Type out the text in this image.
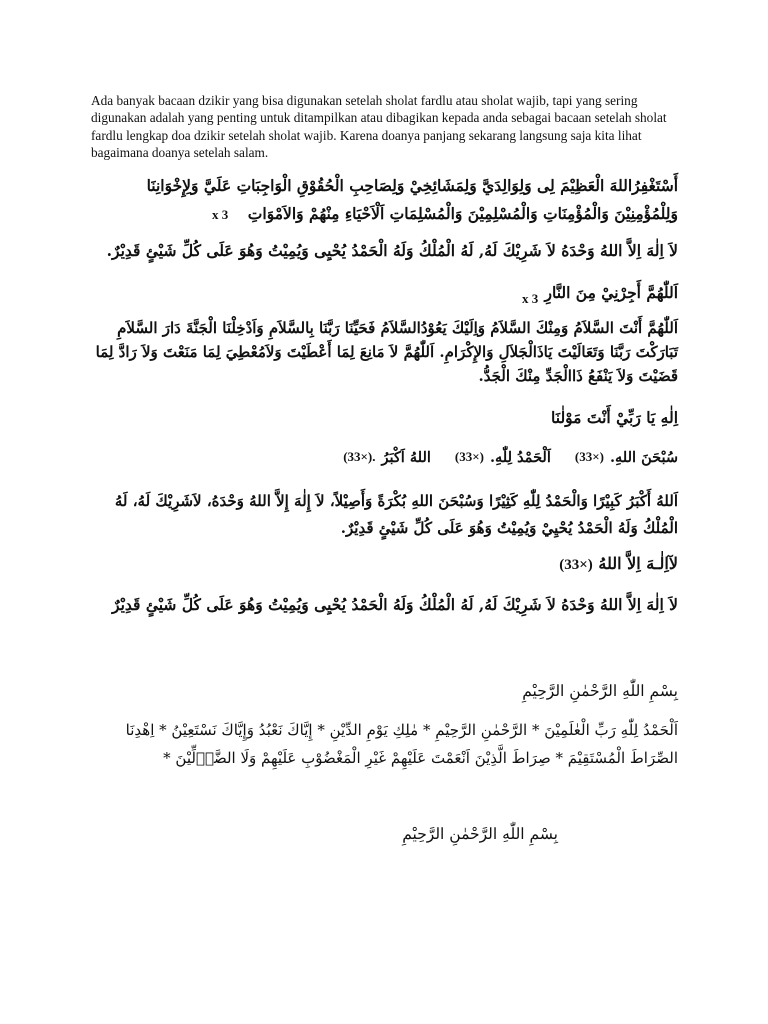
Ada banyak bacaan dzikir yang bisa digunakan setelah sholat fardlu atau sholat wajib, tapi yang sering digunakan adalah yang penting untuk ditampilkan atau dibagikan kepada anda sebagai bacaan setelah sholat fardlu lengkap doa dzikir setelah sholat wajib. Karena doanya panjang sekarang langsung saja kita lihat bagaimana doanya setelah salam.

أَسْتَغْفِرُاللهَ الْعَظِيْمَ لِى وَلِوَالِدَيَّ وَلِمَشَائِخِيْ وَلِصَاحِبِ الْحُقُوْقِ الْوَاجِبَاتِ عَلَيَّ وَلِإِخْوَانِنَا
وَلِلْمُؤْمِنِيْنَ وَالْمُؤْمِنَاتِ وَالْمُسْلِمِيْنَ وَالْمُسْلِمَاتِ اَلْاَحْيَاءِ مِنْهُمْ وَالاَمْوَاتِ
x 3
لاَ اِلٰهَ اِلاَّ اللهُ وَحْدَهُ لاَ شَرِيْكَ لَهُ, لَهُ الْمُلْكُ وَلَهُ الْحَمْدُ يُحْيِى وَيُمِيْتُ وَهُوَ عَلَى كُلِّ شَيْئٍ قَدِيْرٌ.
اَللّٰهُمَّ أَجِرْنِيْ مِنَ النَّارِ
x 3
اَللّٰهُمَّ أَنْتَ السَّلاَمُ وَمِنْكَ السَّلاَمُ وَاِلَيْكَ يَعُوْدُالسَّلاَمُ فَحَيِّنَا رَبَّنَا بِالسَّلاَمِ وَاَدْخِلْنَا الْجَنَّةَ دَارَ السَّلاَمِ تَبَارَكْتَ رَبَّنَا وَتَعَالَيْتَ يَاذَالْجَلاَلِ وَالإِكْرَامِ. اَللّٰهُمَّ لاَ مَانِعَ لِمَا أَعْطَيْتَ وَلاَمُعْطِيَ لِمَا مَنَعْتَ وَلاَ رَادَّ لِمَا قَضَيْتَ وَلاَ يَنْفَعُ ذَاالْجَدِّ مِنْكَ الْجَدُّ.
اِلٰهِ يَا رَبِّيْ أَنْتَ مَوْلٰنَا
سُبْحَنَ اللهِ.
(33×)
اَلْحَمْدُ لِلّٰهِ.
(33×)
اللهُ اَكْبَرُ
(33×).
اَللهُ أَكْبَرُ كَبِيْرًا وَالْحَمْدُ لِلّٰهِ كَثِيْرًا وَسُبْحَنَ اللهِ بُكْرَةً وَأَصِيْلاً، لاَ إِلٰهَ إِلاَّ اللهُ وَحْدَهُ، لاَشَرِيْكَ لَهُ، لَهُ الْمُلْكُ وَلَهُ الْحَمْدُ يُحْيِيْ وَيُمِيْتُ وَهُوَ عَلَى كُلِّ شَيْئٍ قَدِيْرٌ.
لآاِلٰـهَ اِلاَّ اللهُ (33×)
لاَ اِلٰهَ اِلاَّ اللهُ وَحْدَهُ لاَ شَرِيْكَ لَهُ, لَهُ الْمُلْكُ وَلَهُ الْحَمْدُ يُحْيِى وَيُمِيْتُ وَهُوَ عَلَى كُلِّ شَيْئٍ قَدِيْرٌ
بِسْمِ اللّٰهِ الرَّحْمٰنِ الرَّحِيْمِ
اَلْحَمْدُ لِلّٰهِ رَبِّ الْعٰلَمِيْنَ * الرَّحْمٰنِ الرَّحِيْمِ * مٰلِكِ يَوْمِ الدِّيْنِ * إِيَّاكَ نَعْبُدُ وَإِيَّاكَ نَسْتَعِيْنُ * اِهْدِنَا الصِّرَاطَ الْمُسْتَقِيْمَ * صِرَاطَ الَّذِيْنَ اَنْعَمْتَ عَلَيْهِمْ غَيْرِ الْمَغْضُوْبِ عَلَيْهِمْ وَلَا الضَّاۤلِّيْنَ *
بِسْمِ اللّٰهِ الرَّحْمٰنِ الرَّحِيْمِ
